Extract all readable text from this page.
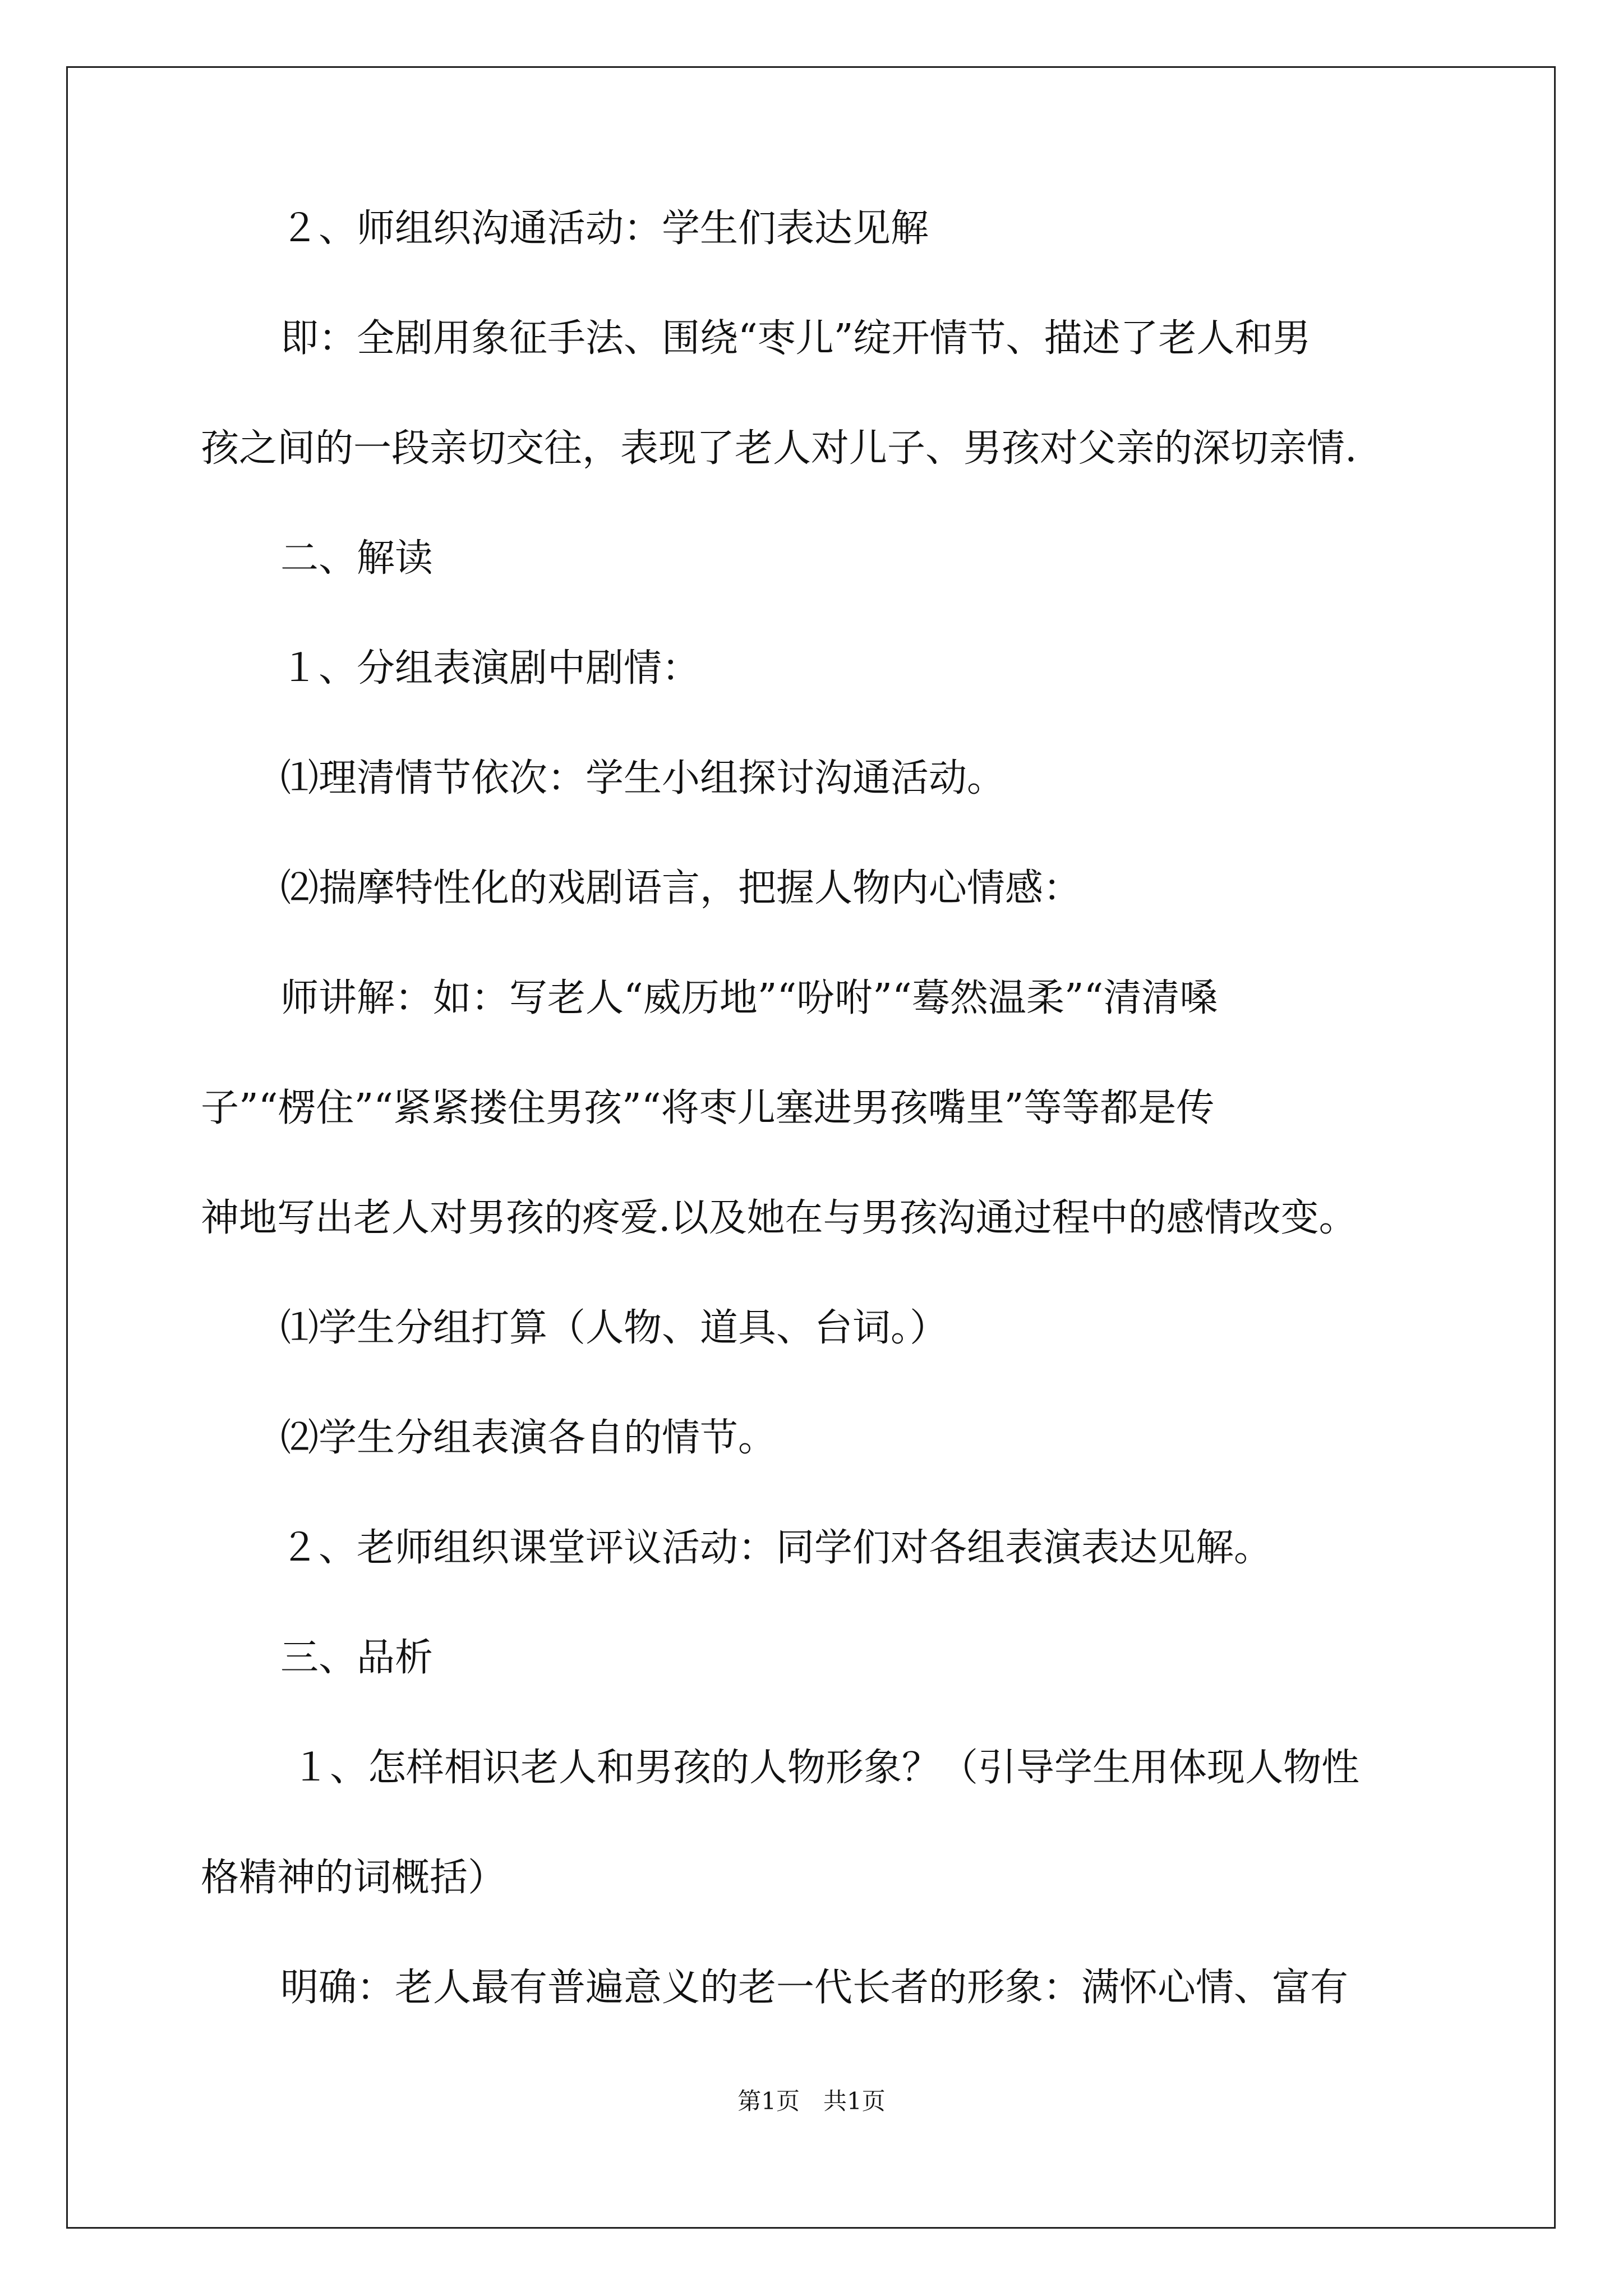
２、师组织沟通活动：学生们表达见解
即：全剧用象征手法、围绕“枣儿”绽开情节、描述了老人和男
孩之间的一段亲切交往，表现了老人对儿子、男孩对父亲的深切亲情.
二、解读
１、分组表演剧中剧情：
⑴理清情节依次：学生小组探讨沟通活动。
⑵揣摩特性化的戏剧语言，把握人物内心情感：
师讲解：如：写老人“威历地”“吩咐”“蓦然温柔”“清清嗓
子”“楞住”“紧紧搂住男孩”“将枣儿塞进男孩嘴里”等等都是传
神地写出老人对男孩的疼爱.以及她在与男孩沟通过程中的感情改变。
⑴学生分组打算（人物、道具、台词。）
⑵学生分组表演各自的情节。
２、老师组织课堂评议活动：同学们对各组表演表达见解。
三、品析
１、怎样相识老人和男孩的人物形象？（引导学生用体现人物性
格精神的词概括）
明确：老人最有普遍意义的老一代长者的形象：满怀心情、富有
第1页　共1页
